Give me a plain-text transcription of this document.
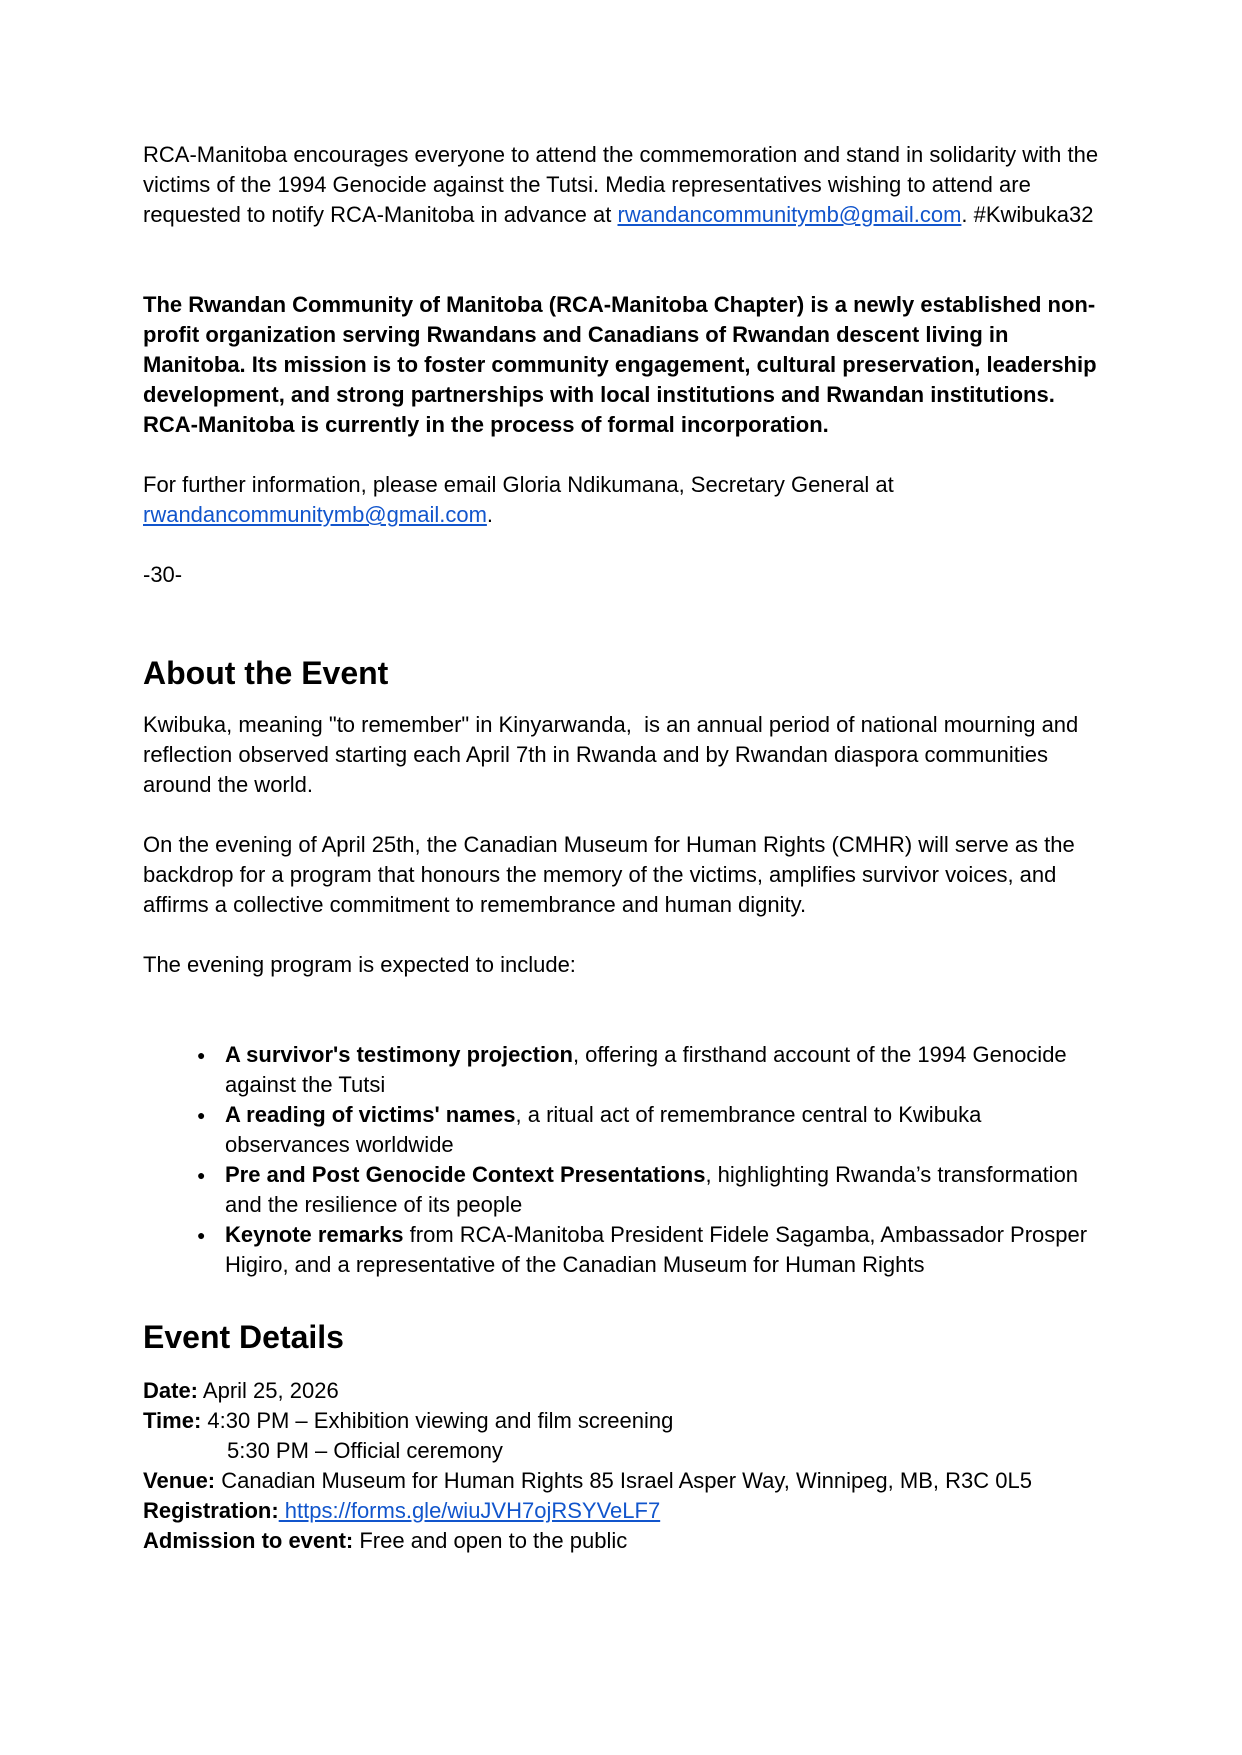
RCA-Manitoba encourages everyone to attend the commemoration and stand in solidarity with the victims of the 1994 Genocide against the Tutsi. Media representatives wishing to attend are requested to notify RCA-Manitoba in advance at rwandancommunitymb@gmail.com. #Kwibuka32

The Rwandan Community of Manitoba (RCA-Manitoba Chapter) is a newly established non-profit organization serving Rwandans and Canadians of Rwandan descent living in Manitoba. Its mission is to foster community engagement, cultural preservation, leadership development, and strong partnerships with local institutions and Rwandan institutions. RCA-Manitoba is currently in the process of formal incorporation.

For further information, please email Gloria Ndikumana, Secretary General at rwandancommunitymb@gmail.com.

-30-

About the Event

Kwibuka, meaning "to remember" in Kinyarwanda,  is an annual period of national mourning and reflection observed starting each April 7th in Rwanda and by Rwandan diaspora communities around the world.

On the evening of April 25th, the Canadian Museum for Human Rights (CMHR) will serve as the backdrop for a program that honours the memory of the victims, amplifies survivor voices, and affirms a collective commitment to remembrance and human dignity.

The evening program is expected to include:

● A survivor's testimony projection, offering a firsthand account of the 1994 Genocide against the Tutsi
● A reading of victims' names, a ritual act of remembrance central to Kwibuka observances worldwide
● Pre and Post Genocide Context Presentations, highlighting Rwanda’s transformation and the resilience of its people
● Keynote remarks from RCA-Manitoba President Fidele Sagamba, Ambassador Prosper Higiro, and a representative of the Canadian Museum for Human Rights
Event Details
Date: April 25, 2026
Time: 4:30 PM – Exhibition viewing and film screening
5:30 PM – Official ceremony
Venue: Canadian Museum for Human Rights 85 Israel Asper Way, Winnipeg, MB, R3C 0L5
Registration: https://forms.gle/wiuJVH7ojRSYVeLF7
Admission to event: Free and open to the public
